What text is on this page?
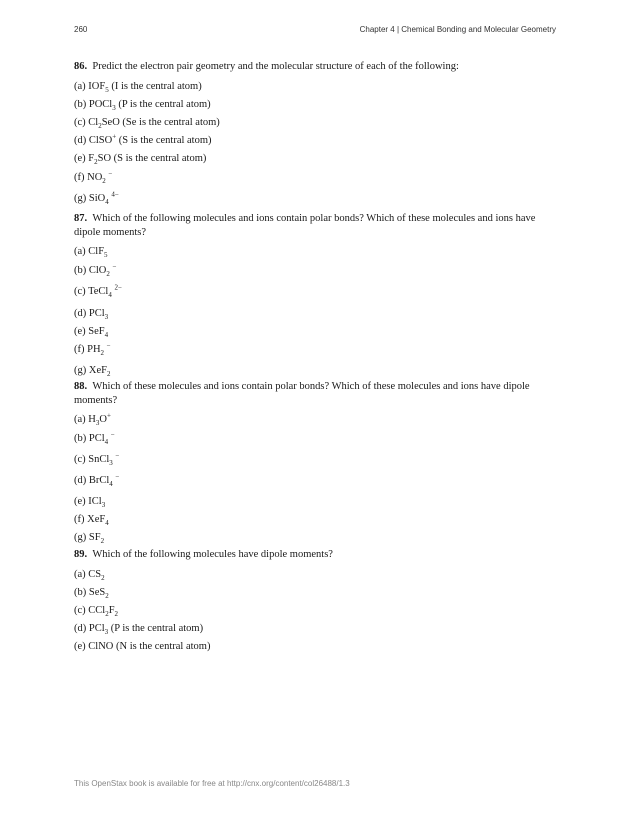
260	Chapter 4 | Chemical Bonding and Molecular Geometry

86. Predict the electron pair geometry and the molecular structure of each of the following:

(a) $IOF_5$ (I is the central atom)
(b) POCl$_3$ (P is the central atom)
(c) $Cl_2SeO$ (Se is the central atom)
(d) ClSO+ (S is the central atom)
(e) $F_2SO$ (S is the central atom)
(f) $NO_2$ −
(g) SiO$_4$ $^{4-}$

87. Which of the following molecules and ions contain polar bonds? Which of these molecules and ions have dipole moments?

(a) ClF$_5$
(b) ClO$_2$ −
(c) TeCl$_4$ $^{2-}$
(d) PCl$_3$
(e) SeF$_4$
(f) $PH_2$ −
(g) XeF$_2$

88. Which of these molecules and ions contain polar bonds? Which of these molecules and ions have dipole moments?

(a) $H_3O^+$
(b) PCl$_4$ −
(c) SnCl$_3$ −
(d) BrCl$_4$ −
(e) ICl$_3$
(f) XeF$_4$
(g) $SF_2$

89. Which of the following molecules have dipole moments?

(a) $CS_2$
(b) SeS$_2$
(c) $CCl_2F_2$
(d) PCl$_3$ (P is the central atom)
(e) ClNO (N is the central atom)
This OpenStax book is available for free at http://cnx.org/content/col26488/1.3
